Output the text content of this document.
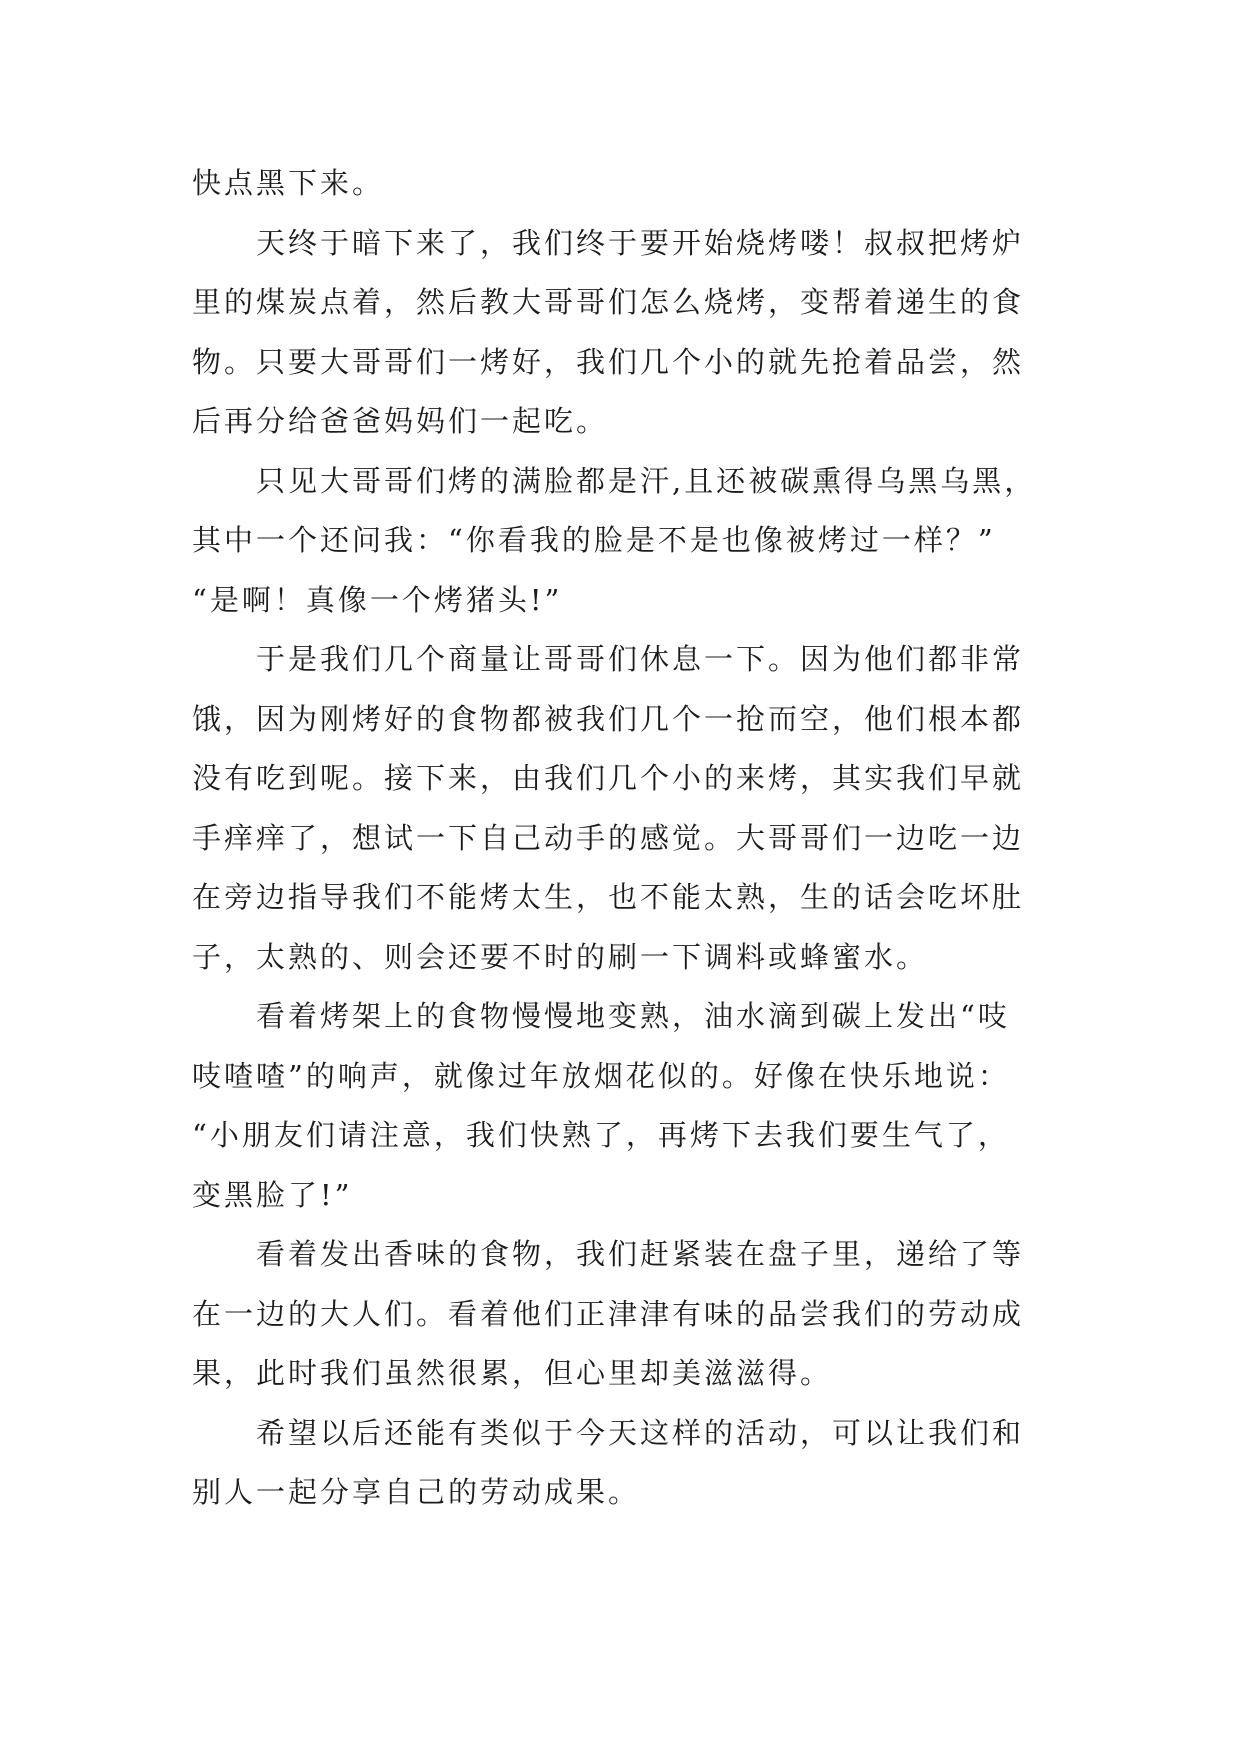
快点黑下来。
天终于暗下来了，我们终于要开始烧烤喽！叔叔把烤炉
里的煤炭点着，然后教大哥哥们怎么烧烤，变帮着递生的食
物。只要大哥哥们一烤好，我们几个小的就先抢着品尝，然
后再分给爸爸妈妈们一起吃。
只见大哥哥们烤的满脸都是汗,且还被碳熏得乌黑乌黑，
其中一个还问我：“你看我的脸是不是也像被烤过一样？”
“是啊！真像一个烤猪头!”
于是我们几个商量让哥哥们休息一下。因为他们都非常
饿，因为刚烤好的食物都被我们几个一抢而空，他们根本都
没有吃到呢。接下来，由我们几个小的来烤，其实我们早就
手痒痒了，想试一下自己动手的感觉。大哥哥们一边吃一边
在旁边指导我们不能烤太生，也不能太熟，生的话会吃坏肚
子，太熟的、则会还要不时的刷一下调料或蜂蜜水。
看着烤架上的食物慢慢地变熟，油水滴到碳上发出“吱
吱喳喳”的响声，就像过年放烟花似的。好像在快乐地说：
“小朋友们请注意，我们快熟了，再烤下去我们要生气了，
变黑脸了!”
看着发出香味的食物，我们赶紧装在盘子里，递给了等
在一边的大人们。看着他们正津津有味的品尝我们的劳动成
果，此时我们虽然很累，但心里却美滋滋得。
希望以后还能有类似于今天这样的活动，可以让我们和
别人一起分享自己的劳动成果。
